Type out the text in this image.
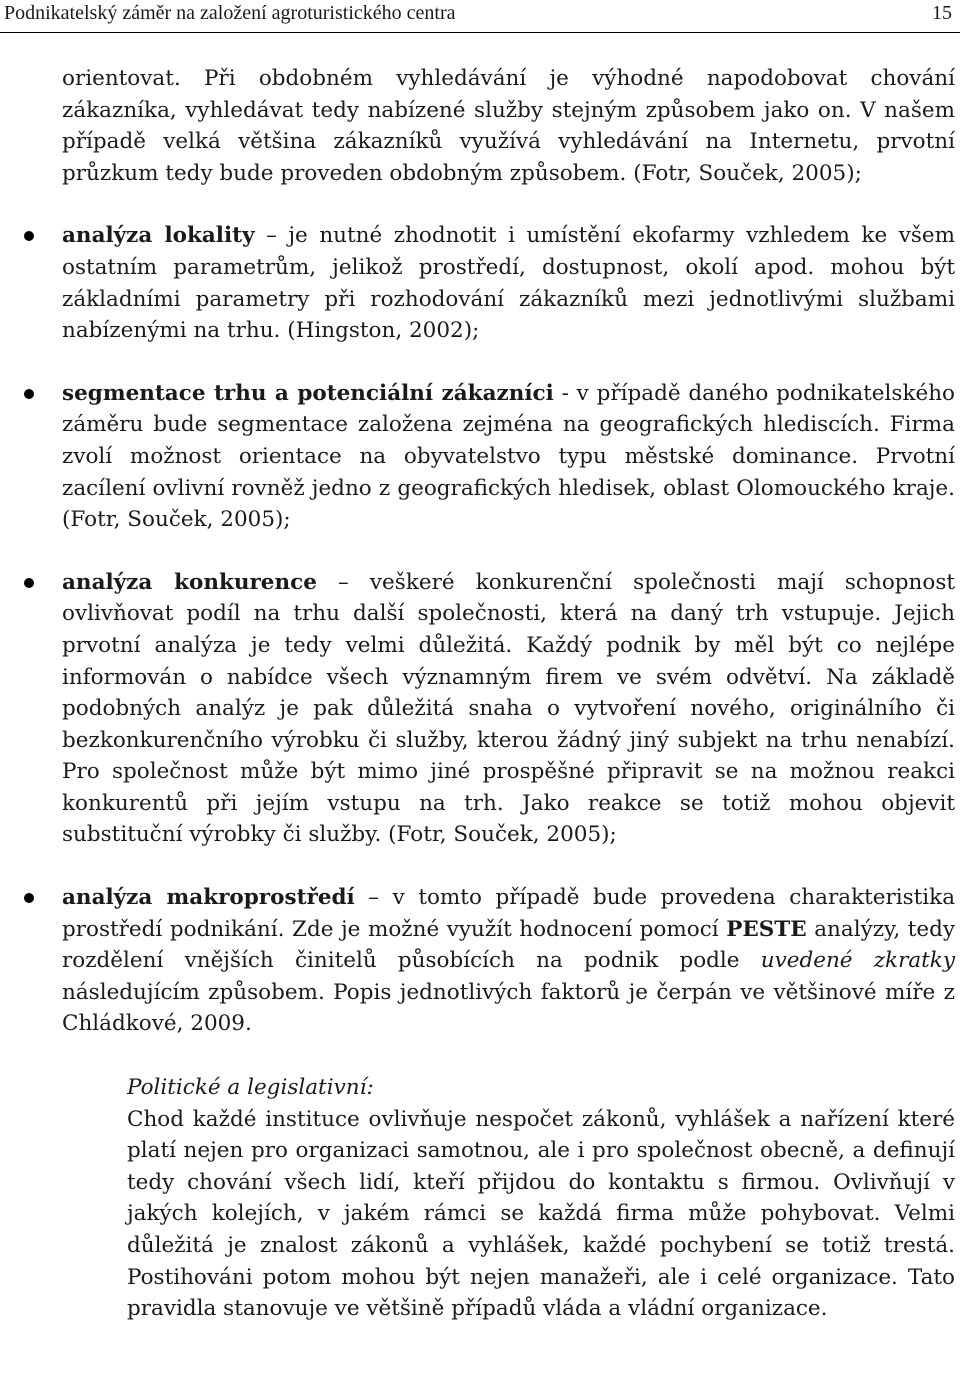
Podnikatelský záměr na založení agroturistického centra	15

orientovat. Při obdobném vyhledávání je výhodné napodobovat chování zákazníka, vyhledávat tedy nabízené služby stejným způsobem jako on. V našem případě velká většina zákazníků využívá vyhledávání na Internetu, prvotní průzkum tedy bude proveden obdobným způsobem. (Fotr, Souček, 2005);

analýza lokality – je nutné zhodnotit i umístění ekofarmy vzhledem ke všem ostatním parametrům, jelikož prostředí, dostupnost, okolí apod. mohou být základními parametry při rozhodování zákazníků mezi jednotlivými službami nabízenými na trhu. (Hingston, 2002);
segmentace trhu a potenciální zákazníci - v případě daného podnikatelského záměru bude segmentace založena zejména na geografických hlediscích. Firma zvolí možnost orientace na obyvatelstvo typu městské dominance. Prvotní zacílení ovlivní rovněž jedno z geografických hledisek, oblast Olomouckého kraje. (Fotr, Souček, 2005);
analýza konkurence – veškeré konkurenční společnosti mají schopnost ovlivňovat podíl na trhu další společnosti, která na daný trh vstupuje. Jejich prvotní analýza je tedy velmi důležitá. Každý podnik by měl být co nejlépe informován o nabídce všech významným firem ve svém odvětví. Na základě podobných analýz je pak důležitá snaha o vytvoření nového, originálního či bezkonkurenčního výrobku či služby, kterou žádný jiný subjekt na trhu nenabízí. Pro společnost může být mimo jiné prospěšné připravit se na možnou reakci konkurentů při jejím vstupu na trh. Jako reakce se totiž mohou objevit substituční výrobky či služby. (Fotr, Souček, 2005);
analýza makroprostředí – v tomto případě bude provedena charakteristika prostředí podnikání. Zde je možné využít hodnocení pomocí PESTE analýzy, tedy rozdělení vnějších činitelů působících na podnik podle uvedené zkratky následujícím způsobem. Popis jednotlivých faktorů je čerpán ve většinové míře z Chládkové, 2009.
Politické a legislativní:

Chod každé instituce ovlivňuje nespočet zákonů, vyhlášek a nařízení které platí nejen pro organizaci samotnou, ale i pro společnost obecně, a definují tedy chování všech lidí, kteří přijdou do kontaktu s firmou. Ovlivňují v jakých kolejích, v jakém rámci se každá firma může pohybovat. Velmi důležitá je znalost zákonů a vyhlášek, každé pochybení se totiž trestá. Postihováni potom mohou být nejen manažeři, ale i celé organizace. Tato pravidla stanovuje ve většině případů vláda a vládní organizace.
